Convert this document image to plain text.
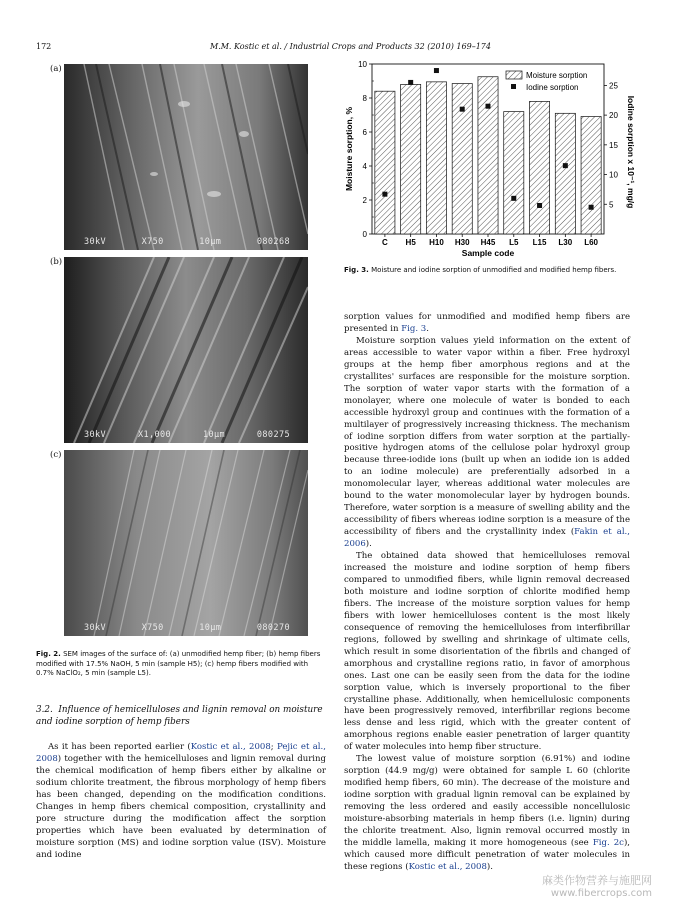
172	M.M. Kostic et al. / Industrial Crops and Products 32 (2010) 169–174
(a)
30kV	X750	10µm	080268
(b)
30kV	X1,000	10µm	080275
(c)
30kV	X750	10µm	080270
Fig. 2. SEM images of the surface of: (a) unmodified hemp fiber; (b) hemp fibers modified with 17.5% NaOH, 5 min (sample H5); (c) hemp fibers modified with 0.7% NaClO₂, 5 min (sample L5).
3.2. Influence of hemicelluloses and lignin removal on moisture and iodine sorption of hemp fibers

As it has been reported earlier (Kostic et al., 2008; Pejic et al., 2008) together with the hemicelluloses and lignin removal during the chemical modification of hemp fibers either by alkaline or sodium chlorite treatment, the fibrous morphology of hemp fibers has been changed, depending on the modification conditions. Changes in hemp fibers chemical composition, crystallinity and pore structure during the modification affect the sorption properties which have been evaluated by determination of moisture sorption (MS) and iodine sorption value (ISV). Moisture and iodine

0
2
4
6
8
10
5
10
15
20
25
C H5 H10 H30 H45 L5 L15 L30 L60
Moisture sorption, %	Iodine sorption x 10⁻¹, mg/g
Sample code
Moisture sorption
Iodine sorption
Fig. 3. Moisture and iodine sorption of unmodified and modified hemp fibers.

sorption values for unmodified and modified hemp fibers are presented in Fig. 3.

Moisture sorption values yield information on the extent of areas accessible to water vapor within a fiber. Free hydroxyl groups at the hemp fiber amorphous regions and at the crystallites' surfaces are responsible for the moisture sorption. The sorption of water vapor starts with the formation of a monolayer, where one molecule of water is bonded to each accessible hydroxyl group and continues with the formation of a multilayer of progressively increasing thickness. The mechanism of iodine sorption differs from water sorption at the partially-positive hydrogen atoms of the cellulose polar hydroxyl group because three-iodide ions (built up when an iodide ion is added to an iodine molecule) are preferentially adsorbed in a monomolecular layer, whereas additional water molecules are bound to the water monomolecular layer by hydrogen bounds. Therefore, water sorption is a measure of swelling ability and the accessibility of fibers whereas iodine sorption is a measure of the accessibility of fibers and the crystallinity index (Fakin et al., 2006).

The obtained data showed that hemicelluloses removal increased the moisture and iodine sorption of hemp fibers compared to unmodified fibers, while lignin removal decreased both moisture and iodine sorption of chlorite modified hemp fibers. The increase of the moisture sorption values for hemp fibers with lower hemicelluloses content is the most likely consequence of removing the hemicelluloses from interfibrillar regions, followed by swelling and shrinkage of ultimate cells, which result in some disorientation of the fibrils and changed of amorphous and crystalline regions ratio, in favor of amorphous ones. Last one can be easily seen from the data for the iodine sorption value, which is inversely proportional to the fiber crystalline phase. Additionally, when hemicellulosic components have been progressively removed, interfibrillar regions become less dense and less rigid, which with the greater content of amorphous regions enable easier penetration of larger quantity of water molecules into hemp fiber structure.

The lowest value of moisture sorption (6.91%) and iodine sorption (44.9 mg/g) were obtained for sample L 60 (chlorite modified hemp fibers, 60 min). The decrease of the moisture and iodine sorption with gradual lignin removal can be explained by removing the less ordered and easily accessible noncellulosic moisture-absorbing materials in hemp fibers (i.e. lignin) during the chlorite treatment. Also, lignin removal occurred mostly in the middle lamella, making it more homogeneous (see Fig. 2c), which caused more difficult penetration of water molecules in these regions (Kostic et al., 2008).

麻类作物营养与施肥网
www.fibercrops.com
